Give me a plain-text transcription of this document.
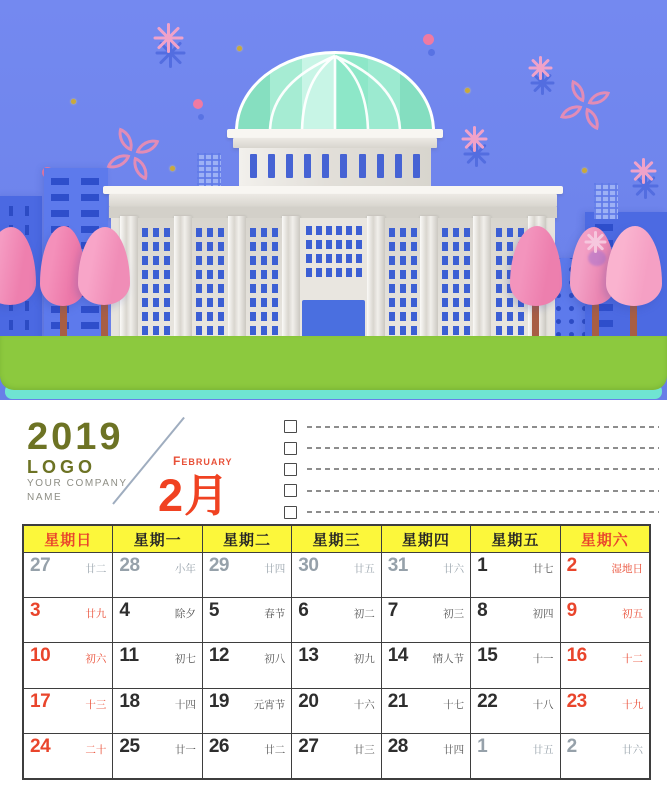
2019
LOGO
YOUR COMPANY
NAME
february
2月
星期日	星期一	星期二	星期三	星期四	星期五	星期六
27	廿二 28	小年 29	廿四 30	廿五 31	廿六 1	廿七 2	湿地日
3	廿九 4	除夕 5	春节 6	初二 7	初三 8	初四 9	初五
10	初六 11	初七 12	初八 13	初九 14 情人节 15	十一 16	十二
17	十三 18	十四 19 元宵节 20	十六 21	十七 22	十八 23	十九
24	二十 25	廿一 26	廿二 27	廿三 28	廿四 1	廿五 2	廿六
